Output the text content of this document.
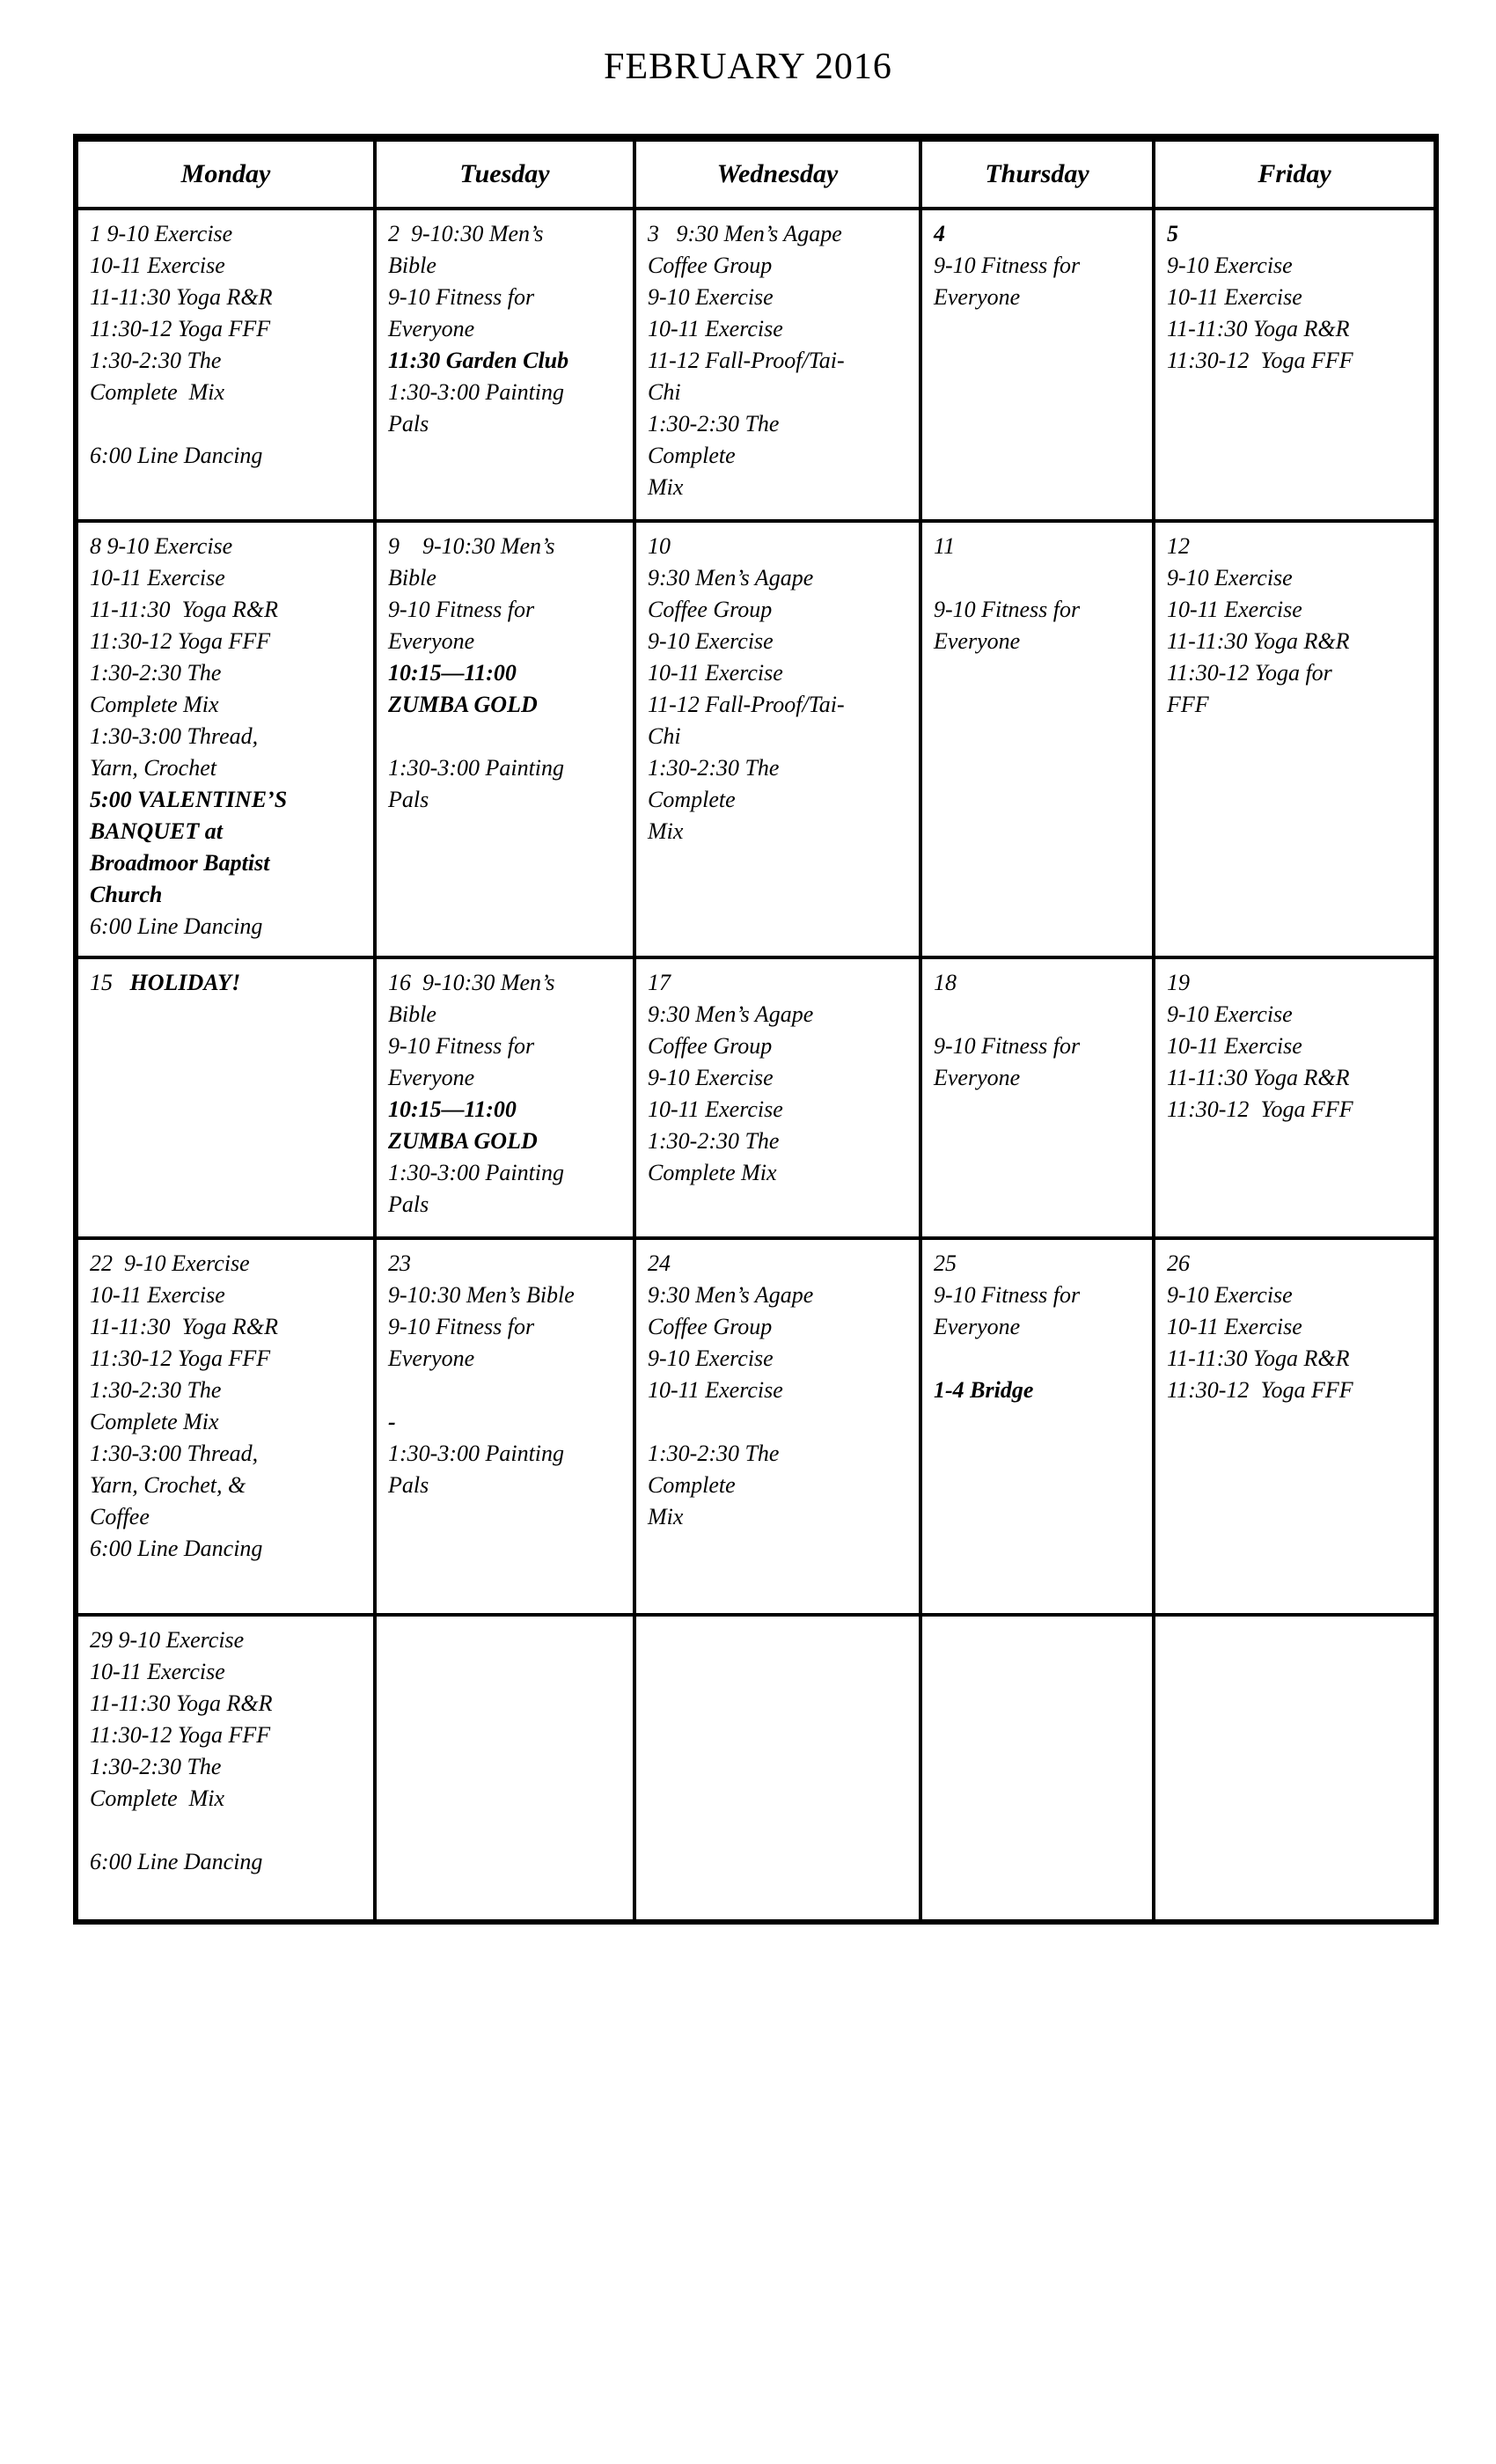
FEBRUARY 2016
Monday	Tuesday	Wednesday	Thursday	Friday
1 9-10 Exercise
10-11 Exercise
11-11:30 Yoga R&R
11:30-12 Yoga FFF
1:30-2:30 The
Complete  Mix
6:00 Line Dancing
2  9-10:30 Men’s
Bible
9-10 Fitness for
Everyone
11:30 Garden Club
1:30-3:00 Painting
Pals
3   9:30 Men’s Agape
Coffee Group
9-10 Exercise
10-11 Exercise
11-12 Fall-Proof/Tai-
Chi
1:30-2:30 The
Complete
Mix
4
9-10 Fitness for
Everyone
5
9-10 Exercise
10-11 Exercise
11-11:30 Yoga R&R
11:30-12  Yoga FFF
8 9-10 Exercise
10-11 Exercise
11-11:30  Yoga R&R
11:30-12 Yoga FFF
1:30-2:30 The
Complete Mix
1:30-3:00 Thread,
Yarn, Crochet
5:00 VALENTINE’S
BANQUET at
Broadmoor Baptist
Church
6:00 Line Dancing
9    9-10:30 Men’s
Bible
9-10 Fitness for
Everyone
10:15—11:00
ZUMBA GOLD
1:30-3:00 Painting
Pals
10
9:30 Men’s Agape
Coffee Group
9-10 Exercise
10-11 Exercise
11-12 Fall-Proof/Tai-
Chi
1:30-2:30 The
Complete
Mix
11
9-10 Fitness for
Everyone
12
9-10 Exercise
10-11 Exercise
11-11:30 Yoga R&R
11:30-12 Yoga for
FFF
15   HOLIDAY!	16  9-10:30 Men’s
Bible
9-10 Fitness for
Everyone
10:15—11:00
ZUMBA GOLD
1:30-3:00 Painting
Pals
17
9:30 Men’s Agape
Coffee Group
9-10 Exercise
10-11 Exercise
1:30-2:30 The
Complete Mix
18
9-10 Fitness for
Everyone
19
9-10 Exercise
10-11 Exercise
11-11:30 Yoga R&R
11:30-12  Yoga FFF
22  9-10 Exercise
10-11 Exercise
11-11:30  Yoga R&R
11:30-12 Yoga FFF
1:30-2:30 The
Complete Mix
1:30-3:00 Thread,
Yarn, Crochet, &
Coffee
6:00 Line Dancing
23
9-10:30 Men’s Bible
9-10 Fitness for
Everyone
-
1:30-3:00 Painting
Pals
24
9:30 Men’s Agape
Coffee Group
9-10 Exercise
10-11 Exercise
1:30-2:30 The
Complete
Mix
25
9-10 Fitness for
Everyone
1-4 Bridge
26
9-10 Exercise
10-11 Exercise
11-11:30 Yoga R&R
11:30-12  Yoga FFF
29 9-10 Exercise
10-11 Exercise
11-11:30 Yoga R&R
11:30-12 Yoga FFF
1:30-2:30 The
Complete  Mix
6:00 Line Dancing
